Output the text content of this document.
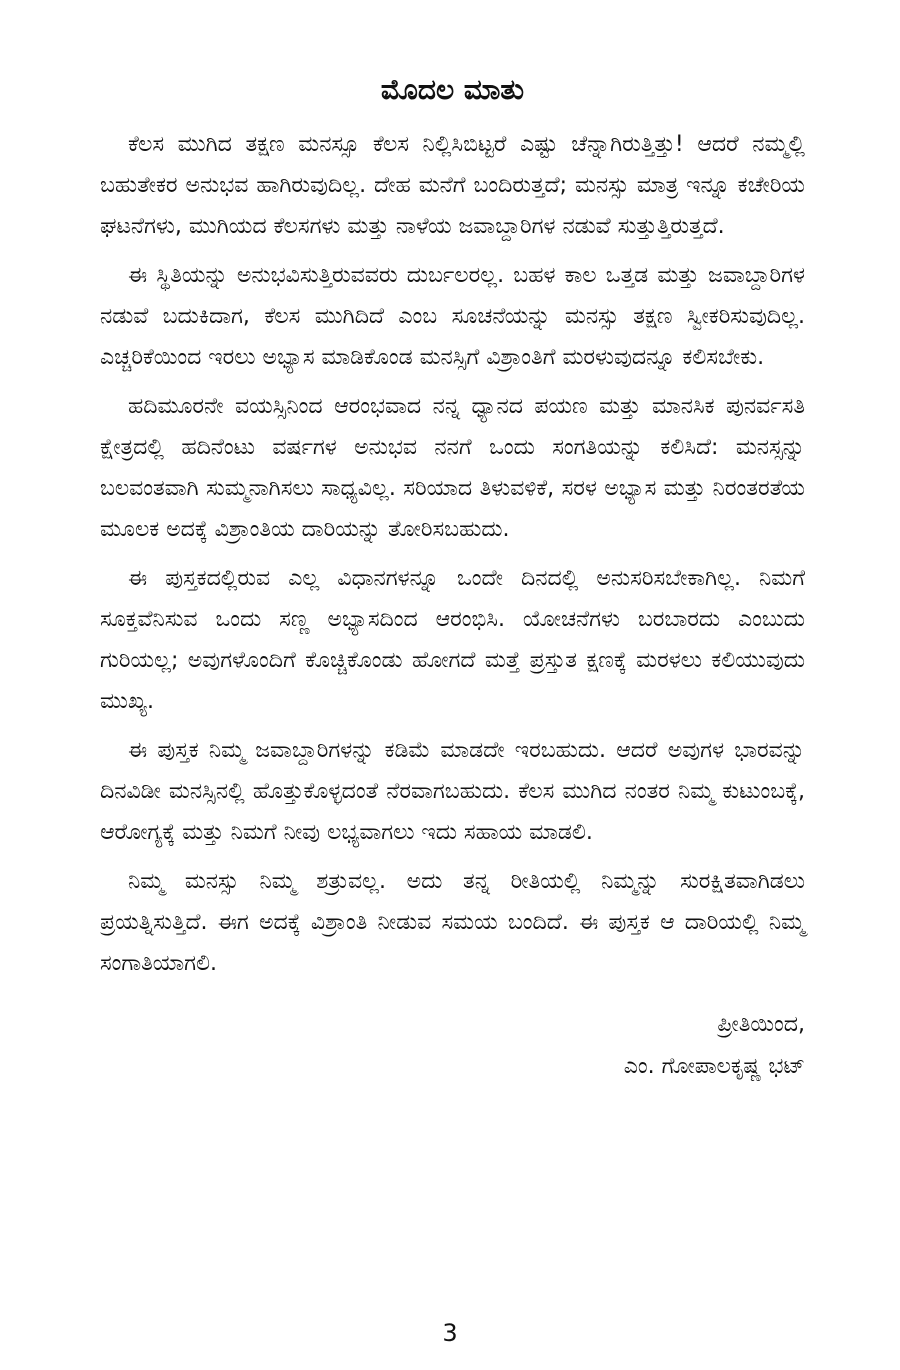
ಮೊದಲ ಮಾತು

ಕೆಲಸ ಮುಗಿದ ತಕ್ಷಣ ಮನಸ್ಸೂ ಕೆಲಸ ನಿಲ್ಲಿಸಿಬಿಟ್ಟರೆ ಎಷ್ಟು ಚೆನ್ನಾಗಿರುತ್ತಿತ್ತು! ಆದರೆ ನಮ್ಮಲ್ಲಿ ಬಹುತೇಕರ ಅನುಭವ ಹಾಗಿರುವುದಿಲ್ಲ. ದೇಹ ಮನೆಗೆ ಬಂದಿರುತ್ತದೆ; ಮನಸ್ಸು ಮಾತ್ರ ಇನ್ನೂ ಕಚೇರಿಯ ಘಟನೆಗಳು, ಮುಗಿಯದ ಕೆಲಸಗಳು ಮತ್ತು ನಾಳೆಯ ಜವಾಬ್ದಾರಿಗಳ ನಡುವೆ ಸುತ್ತುತ್ತಿರುತ್ತದೆ.

ಈ ಸ್ಥಿತಿಯನ್ನು ಅನುಭವಿಸುತ್ತಿರುವವರು ದುರ್ಬಲರಲ್ಲ. ಬಹಳ ಕಾಲ ಒತ್ತಡ ಮತ್ತು ಜವಾಬ್ದಾರಿಗಳ ನಡುವೆ ಬದುಕಿದಾಗ, ಕೆಲಸ ಮುಗಿದಿದೆ ಎಂಬ ಸೂಚನೆಯನ್ನು ಮನಸ್ಸು ತಕ್ಷಣ ಸ್ವೀಕರಿಸುವುದಿಲ್ಲ. ಎಚ್ಚರಿಕೆಯಿಂದ ಇರಲು ಅಭ್ಯಾಸ ಮಾಡಿಕೊಂಡ ಮನಸ್ಸಿಗೆ ವಿಶ್ರಾಂತಿಗೆ ಮರಳುವುದನ್ನೂ ಕಲಿಸಬೇಕು.

ಹದಿಮೂರನೇ ವಯಸ್ಸಿನಿಂದ ಆರಂಭವಾದ ನನ್ನ ಧ್ಯಾನದ ಪಯಣ ಮತ್ತು ಮಾನಸಿಕ ಪುನರ್ವಸತಿ ಕ್ಷೇತ್ರದಲ್ಲಿ ಹದಿನೆಂಟು ವರ್ಷಗಳ ಅನುಭವ ನನಗೆ ಒಂದು ಸಂಗತಿಯನ್ನು ಕಲಿಸಿದೆ: ಮನಸ್ಸನ್ನು ಬಲವಂತವಾಗಿ ಸುಮ್ಮನಾಗಿಸಲು ಸಾಧ್ಯವಿಲ್ಲ. ಸರಿಯಾದ ತಿಳುವಳಿಕೆ, ಸರಳ ಅಭ್ಯಾಸ ಮತ್ತು ನಿರಂತರತೆಯ ಮೂಲಕ ಅದಕ್ಕೆ ವಿಶ್ರಾಂತಿಯ ದಾರಿಯನ್ನು ತೋರಿಸಬಹುದು.

ಈ ಪುಸ್ತಕದಲ್ಲಿರುವ ಎಲ್ಲ ವಿಧಾನಗಳನ್ನೂ ಒಂದೇ ದಿನದಲ್ಲಿ ಅನುಸರಿಸಬೇಕಾಗಿಲ್ಲ. ನಿಮಗೆ ಸೂಕ್ತವೆನಿಸುವ ಒಂದು ಸಣ್ಣ ಅಭ್ಯಾಸದಿಂದ ಆರಂಭಿಸಿ. ಯೋಚನೆಗಳು ಬರಬಾರದು ಎಂಬುದು ಗುರಿಯಲ್ಲ; ಅವುಗಳೊಂದಿಗೆ ಕೊಚ್ಚಿಕೊಂಡು ಹೋಗದೆ ಮತ್ತೆ ಪ್ರಸ್ತುತ ಕ್ಷಣಕ್ಕೆ ಮರಳಲು ಕಲಿಯುವುದು ಮುಖ್ಯ.

ಈ ಪುಸ್ತಕ ನಿಮ್ಮ ಜವಾಬ್ದಾರಿಗಳನ್ನು ಕಡಿಮೆ ಮಾಡದೇ ಇರಬಹುದು. ಆದರೆ ಅವುಗಳ ಭಾರವನ್ನು ದಿನವಿಡೀ ಮನಸ್ಸಿನಲ್ಲಿ ಹೊತ್ತುಕೊಳ್ಳದಂತೆ ನೆರವಾಗಬಹುದು. ಕೆಲಸ ಮುಗಿದ ನಂತರ ನಿಮ್ಮ ಕುಟುಂಬಕ್ಕೆ, ಆರೋಗ್ಯಕ್ಕೆ ಮತ್ತು ನಿಮಗೆ ನೀವು ಲಭ್ಯವಾಗಲು ಇದು ಸಹಾಯ ಮಾಡಲಿ.

ನಿಮ್ಮ ಮನಸ್ಸು ನಿಮ್ಮ ಶತ್ರುವಲ್ಲ. ಅದು ತನ್ನ ರೀತಿಯಲ್ಲಿ ನಿಮ್ಮನ್ನು ಸುರಕ್ಷಿತವಾಗಿಡಲು ಪ್ರಯತ್ನಿಸುತ್ತಿದೆ. ಈಗ ಅದಕ್ಕೆ ವಿಶ್ರಾಂತಿ ನೀಡುವ ಸಮಯ ಬಂದಿದೆ. ಈ ಪುಸ್ತಕ ಆ ದಾರಿಯಲ್ಲಿ ನಿಮ್ಮ ಸಂಗಾತಿಯಾಗಲಿ.

ಪ್ರೀತಿಯಿಂದ,
ಎಂ. ಗೋಪಾಲಕೃಷ್ಣ ಭಟ್
3
